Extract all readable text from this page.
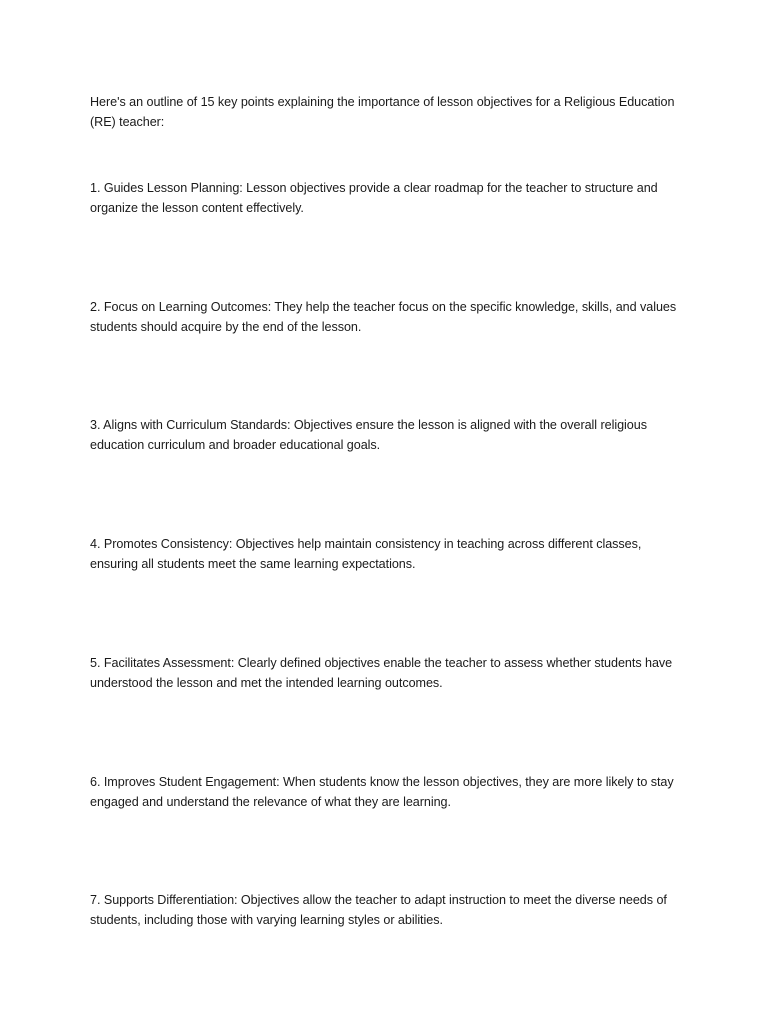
Here's an outline of 15 key points explaining the importance of lesson objectives for a Religious Education (RE) teacher:

1. Guides Lesson Planning: Lesson objectives provide a clear roadmap for the teacher to structure and organize the lesson content effectively.

2. Focus on Learning Outcomes: They help the teacher focus on the specific knowledge, skills, and values students should acquire by the end of the lesson.

3. Aligns with Curriculum Standards: Objectives ensure the lesson is aligned with the overall religious education curriculum and broader educational goals.

4. Promotes Consistency: Objectives help maintain consistency in teaching across different classes, ensuring all students meet the same learning expectations.

5. Facilitates Assessment: Clearly defined objectives enable the teacher to assess whether students have understood the lesson and met the intended learning outcomes.

6. Improves Student Engagement: When students know the lesson objectives, they are more likely to stay engaged and understand the relevance of what they are learning.

7. Supports Differentiation: Objectives allow the teacher to adapt instruction to meet the diverse needs of students, including those with varying learning styles or abilities.
